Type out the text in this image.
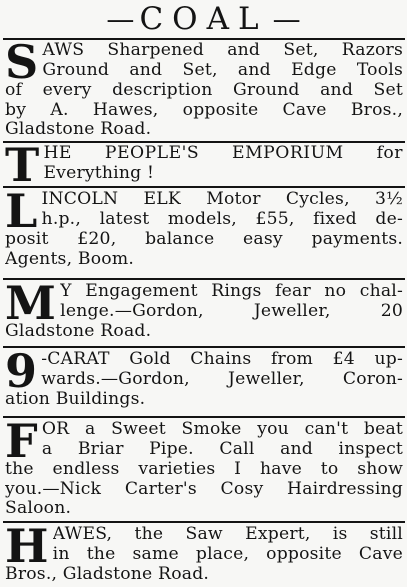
— COAL —
S AWS Sharpened and Set, Razors
Ground and Set, and Edge Tools
of every description Ground and Set
by A. Hawes, opposite Cave Bros.,
Gladstone Road.
T HE PEOPLE'S EMPORIUM for
Everything !
L INCOLN ELK Motor Cycles, 3½
h.p., latest models, £55, fixed de-
posit £20, balance easy payments.
Agents, Boom.
M Y Engagement Rings fear no chal-
lenge.—Gordon, Jeweller, 20
Gladstone Road.
9 -CARAT Gold Chains from £4 up-
wards.—Gordon, Jeweller, Coron-
ation Buildings.
F OR a Sweet Smoke you can't beat
a Briar Pipe. Call and inspect
the endless varieties I have to show
you.—Nick Carter's Cosy Hairdressing
Saloon.
H AWES, the Saw Expert, is still
in the same place, opposite Cave
Bros., Gladstone Road.
